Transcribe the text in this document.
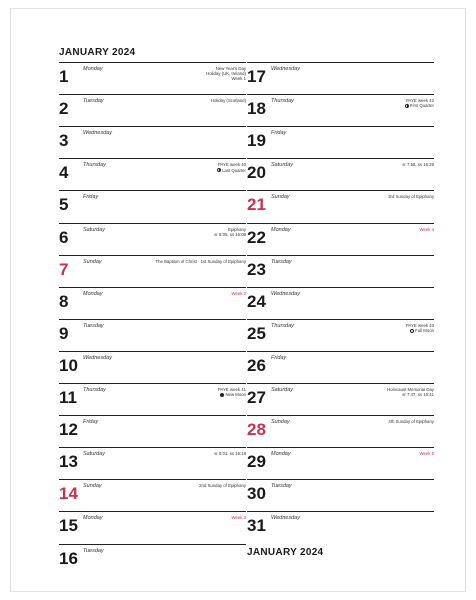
JANUARY 2024
1	Monday	New Year's Day
Holiday (UK, Ireland)
Week 1
2	Tuesday	Holiday (Scotland)
3	Wednesday
4	Thursday	PAYE week 40
Last Quarter
5	Friday
6	Saturday	Epiphany
sr 8:05, ss 16:08
7	Sunday	The Baptism of Christ · 1st Sunday of Epiphany
8	Monday	Week 2
9	Tuesday
10 Wednesday
11	Thursday	PAYE week 41
New Moon
12 Friday
13 Saturday	sr 8:01, ss 16:18
14 Sunday	2nd Sunday of Epiphany
15 Monday	Week 3
16 Tuesday
17 Wednesday
18 Thursday	PAYE week 42
First Quarter
19 Friday
20 Saturday	sr 7:55, ss 16:29
21 Sunday	3rd Sunday of Epiphany
22 Monday	Week 4
23 Tuesday
24 Wednesday
25 Thursday	PAYE week 43
Full Moon
26 Friday
27 Saturday	Holocaust Memorial Day
sr 7:47, ss 16:41
28 Sunday	4th Sunday of Epiphany
29 Monday	Week 5
30 Tuesday
31 Wednesday
JANUARY 2024
